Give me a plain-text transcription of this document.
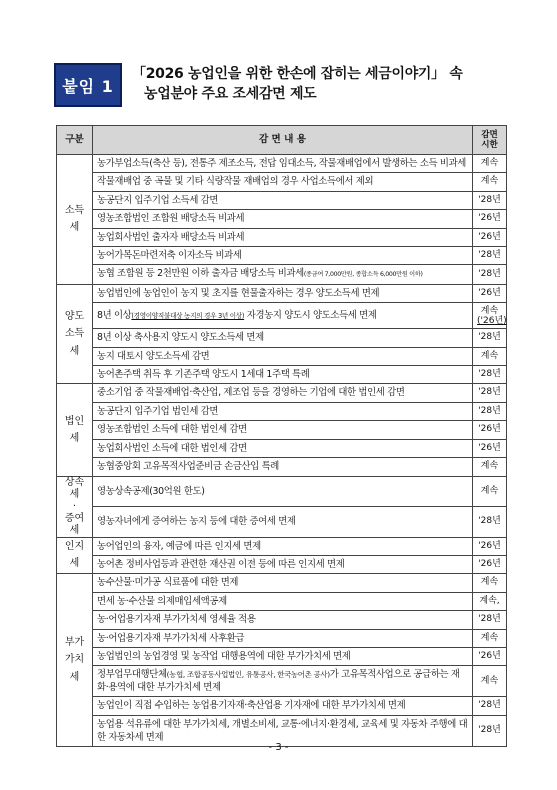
붙임 1
「2026 농업인을 위한 한손에 잡히는 세금이야기」 속
농업분야 주요 조세감면 제도
구분	감 면 내 용	감면
시한
소득세	농가부업소득(축산 등), 전통주 제조소득, 전답 임대소득, 작물재배업에서 발생하는 소득 비과세	계속
	작물재배업 중 곡물 및 기타 식량작물 재배업의 경우 사업소득에서 제외	계속
	농공단지 입주기업 소득세 감면	'28년
	영농조합법인 조합원 배당소득 비과세	'26년
	농업회사법인 출자자 배당소득 비과세	'26년
	농어가목돈마련저축 이자소득 비과세	'28년
	농협 조합원 등 2천만원 이하 출자금 배당소득 비과세(종금여 7,000만원, 종합소득 6,000만원 이하)	'28년
양도
소득세	농업법인에 농업인이 농지 및 초지를 현물출자하는 경우 양도소득세 면제	'26년
	8년 이상(경영이양직불대상 농지의 경우 3년 이상) 자경농지 양도시 양도소득세 면제	계속
('26년)

	8년 이상 축사용지 양도시 양도소득세 면제	'28년
	농지 대토시 양도소득세 감면	계속
	농어촌주택 취득 후 기존주택 양도시 1세대 1주택 특례	'28년
법인세	중소기업 중 작물재배업·축산업, 제조업 등을 경영하는 기업에 대한 법인세 감면	'28년
	농공단지 입주기업 법인세 감면	'28년
	영농조합법인 소득에 대한 법인세 감면	'26년
	농업회사법인 소득에 대한 법인세 감면	'26년
	농협중앙회 고유목적사업준비금 손금산입 특례	계속
상속세
·
증여세	영농상속공제(30억원 한도)	계속
	영농자녀에게 증여하는 농지 등에 대한 증여세 면제	'28년
인지세	농어업인의 융자, 예금에 따른 인지세 면제	'26년
	농어촌 정비사업등과 관련한 재산권 이전 등에 따른 인지세 면제	'26년
부가
가치세	농수산물·미가공 식료품에 대한 면제	계속
	면세 농·수산물 의제매입세액공제	계속,
	농·어업용기자재 부가가치세 영세율 적용	'28년
	농·어업용기자재 부가가치세 사후환급	계속
	농업법인의 농업경영 및 농작업 대행용역에 대한 부가가치세 면제	'26년
	정부업무대행단체(농협, 조합공동사업법인, 유통공사, 한국농어촌 공사)가 고유목적사업으로 공급하는 재화·용역에 대한 부가가치세 면제	계속
	농업인이 직접 수입하는 농업용기자재·축산업용 기자재에 대한 부가가치세 면제	'28년
	농업용 석유류에 대한 부가가치세, 개별소비세, 교통·에너지·환경세, 교육세 및 자동차 주행에 대한 자동차세 면제	'28년
- 3 -
